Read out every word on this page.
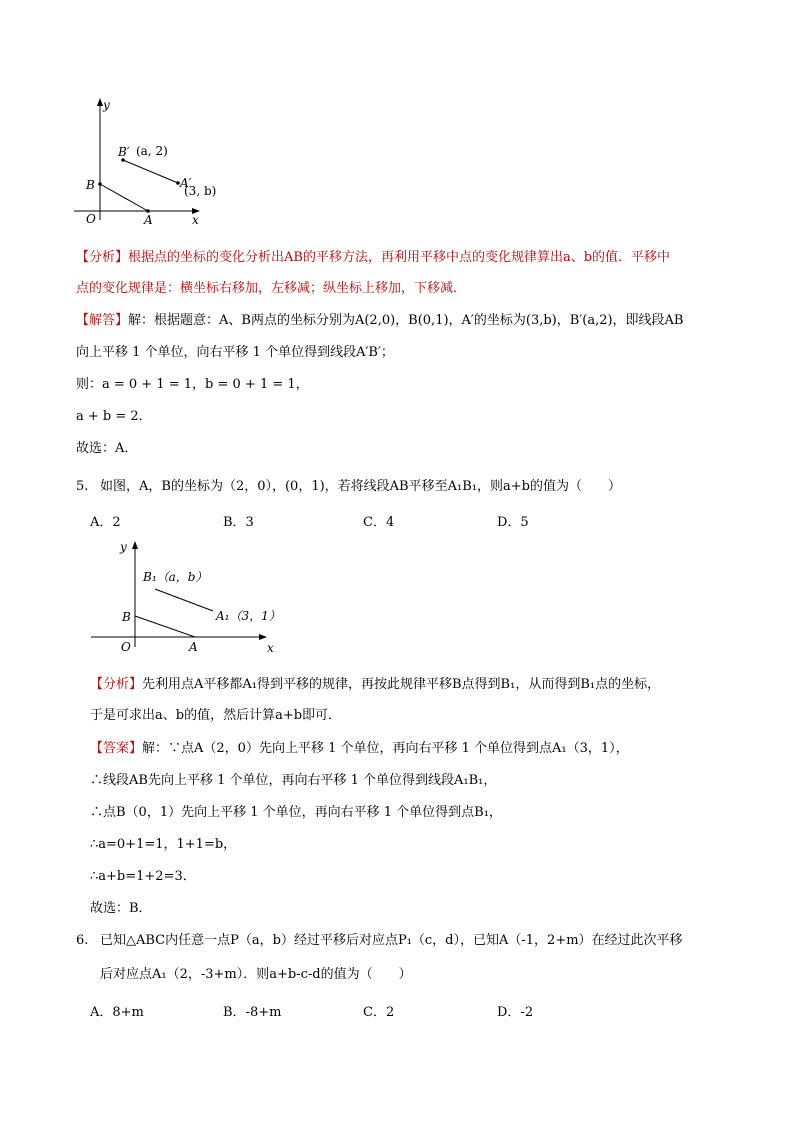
y
x
O
B
A
B′ (a, 2)
A′
(3, b)
【分析】根据点的坐标的变化分析出AB的平移方法，再利用平移中点的变化规律算出a、b的值．平移中
点的变化规律是：横坐标右移加，左移减；纵坐标上移加，下移减．
【解答】解：根据题意：A、B两点的坐标分别为A(2,0)，B(0,1)，A′的坐标为(3,b)，B′(a,2)，即线段AB
向上平移 1 个单位，向右平移 1 个单位得到线段A′B′；
则：a = 0 + 1 = 1，b = 0 + 1 = 1，
a + b = 2．
故选：A．
5. 如图，A，B的坐标为（2，0），(0，1)，若将线段AB平移至A₁B₁，则a+b的值为（　　）
A．2	B．3	C．4	D．5
y
x
O
B
A
B₁（a，b）
A₁（3，1）
【分析】先利用点A平移都A₁得到平移的规律，再按此规律平移B点得到B₁，从而得到B₁点的坐标，
于是可求出a、b的值，然后计算a+b即可．
【答案】解：∵点A（2，0）先向上平移 1 个单位，再向右平移 1 个单位得到点A₁（3，1），
∴线段AB先向上平移 1 个单位，再向右平移 1 个单位得到线段A₁B₁，
∴点B（0，1）先向上平移 1 个单位，再向右平移 1 个单位得到点B₁，
∴a=0+1=1，1+1=b，
∴a+b=1+2=3．
故选：B．
6. 已知△ABC内任意一点P（a，b）经过平移后对应点P₁（c，d），已知A（-1，2+m）在经过此次平移
后对应点A₁（2，-3+m）．则a+b-c-d的值为（　　）
A．8+m	B．-8+m	C．2	D．-2
